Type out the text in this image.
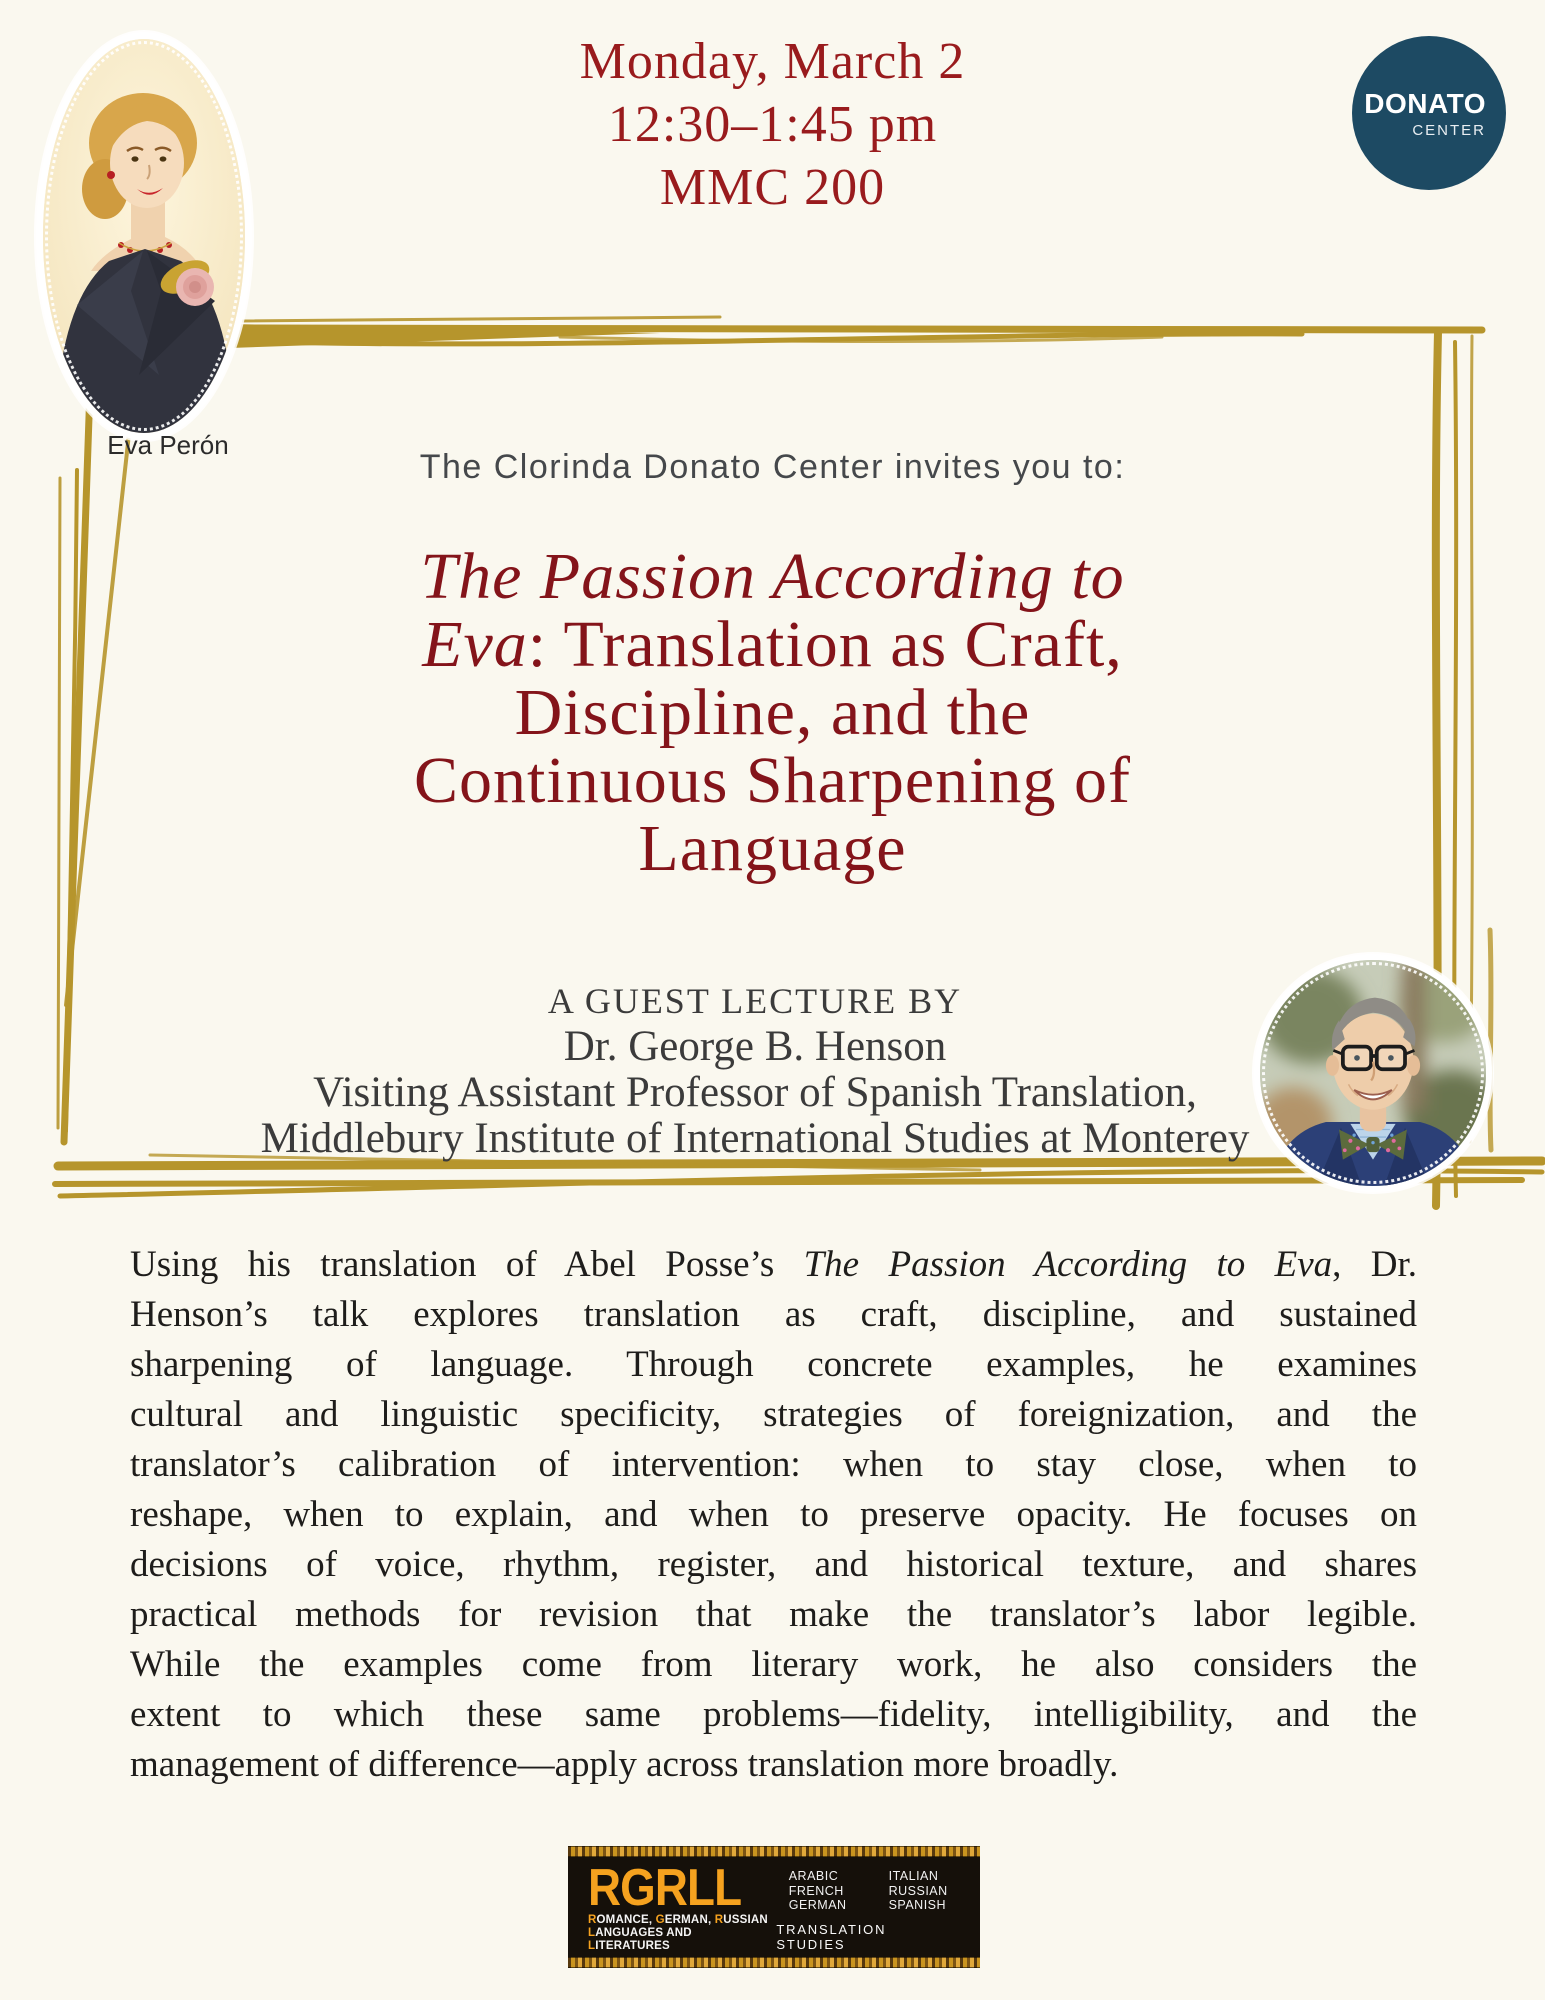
Monday, March 2
12:30–1:45 pm
MMC 200
DONATO
CENTER
Eva Perón
The Clorinda Donato Center invites you to:
The Passion According to
Eva: Translation as Craft,
Discipline, and the
Continuous Sharpening of
Language
A GUEST LECTURE BY
Dr. George B. Henson
Visiting Assistant Professor of Spanish Translation,
Middlebury Institute of International Studies at Monterey
Using his translation of Abel Posse’s The Passion According to Eva, Dr.
Henson’s talk explores translation as craft, discipline, and sustained
sharpening of language. Through concrete examples, he examines
cultural and linguistic specificity, strategies of foreignization, and the
translator’s calibration of intervention: when to stay close, when to
reshape, when to explain, and when to preserve opacity. He focuses on
decisions of voice, rhythm, register, and historical texture, and shares
practical methods for revision that make the translator’s labor legible.
While the examples come from literary work, he also considers the
extent to which these same problems—fidelity, intelligibility, and the
management of difference—apply across translation more broadly.
RGRLL
ROMANCE, GERMAN, RUSSIAN
LANGUAGES AND LITERATURES
ARABIC
FRENCH
GERMAN
ITALIAN
RUSSIAN
SPANISH
TRANSLATION STUDIES
